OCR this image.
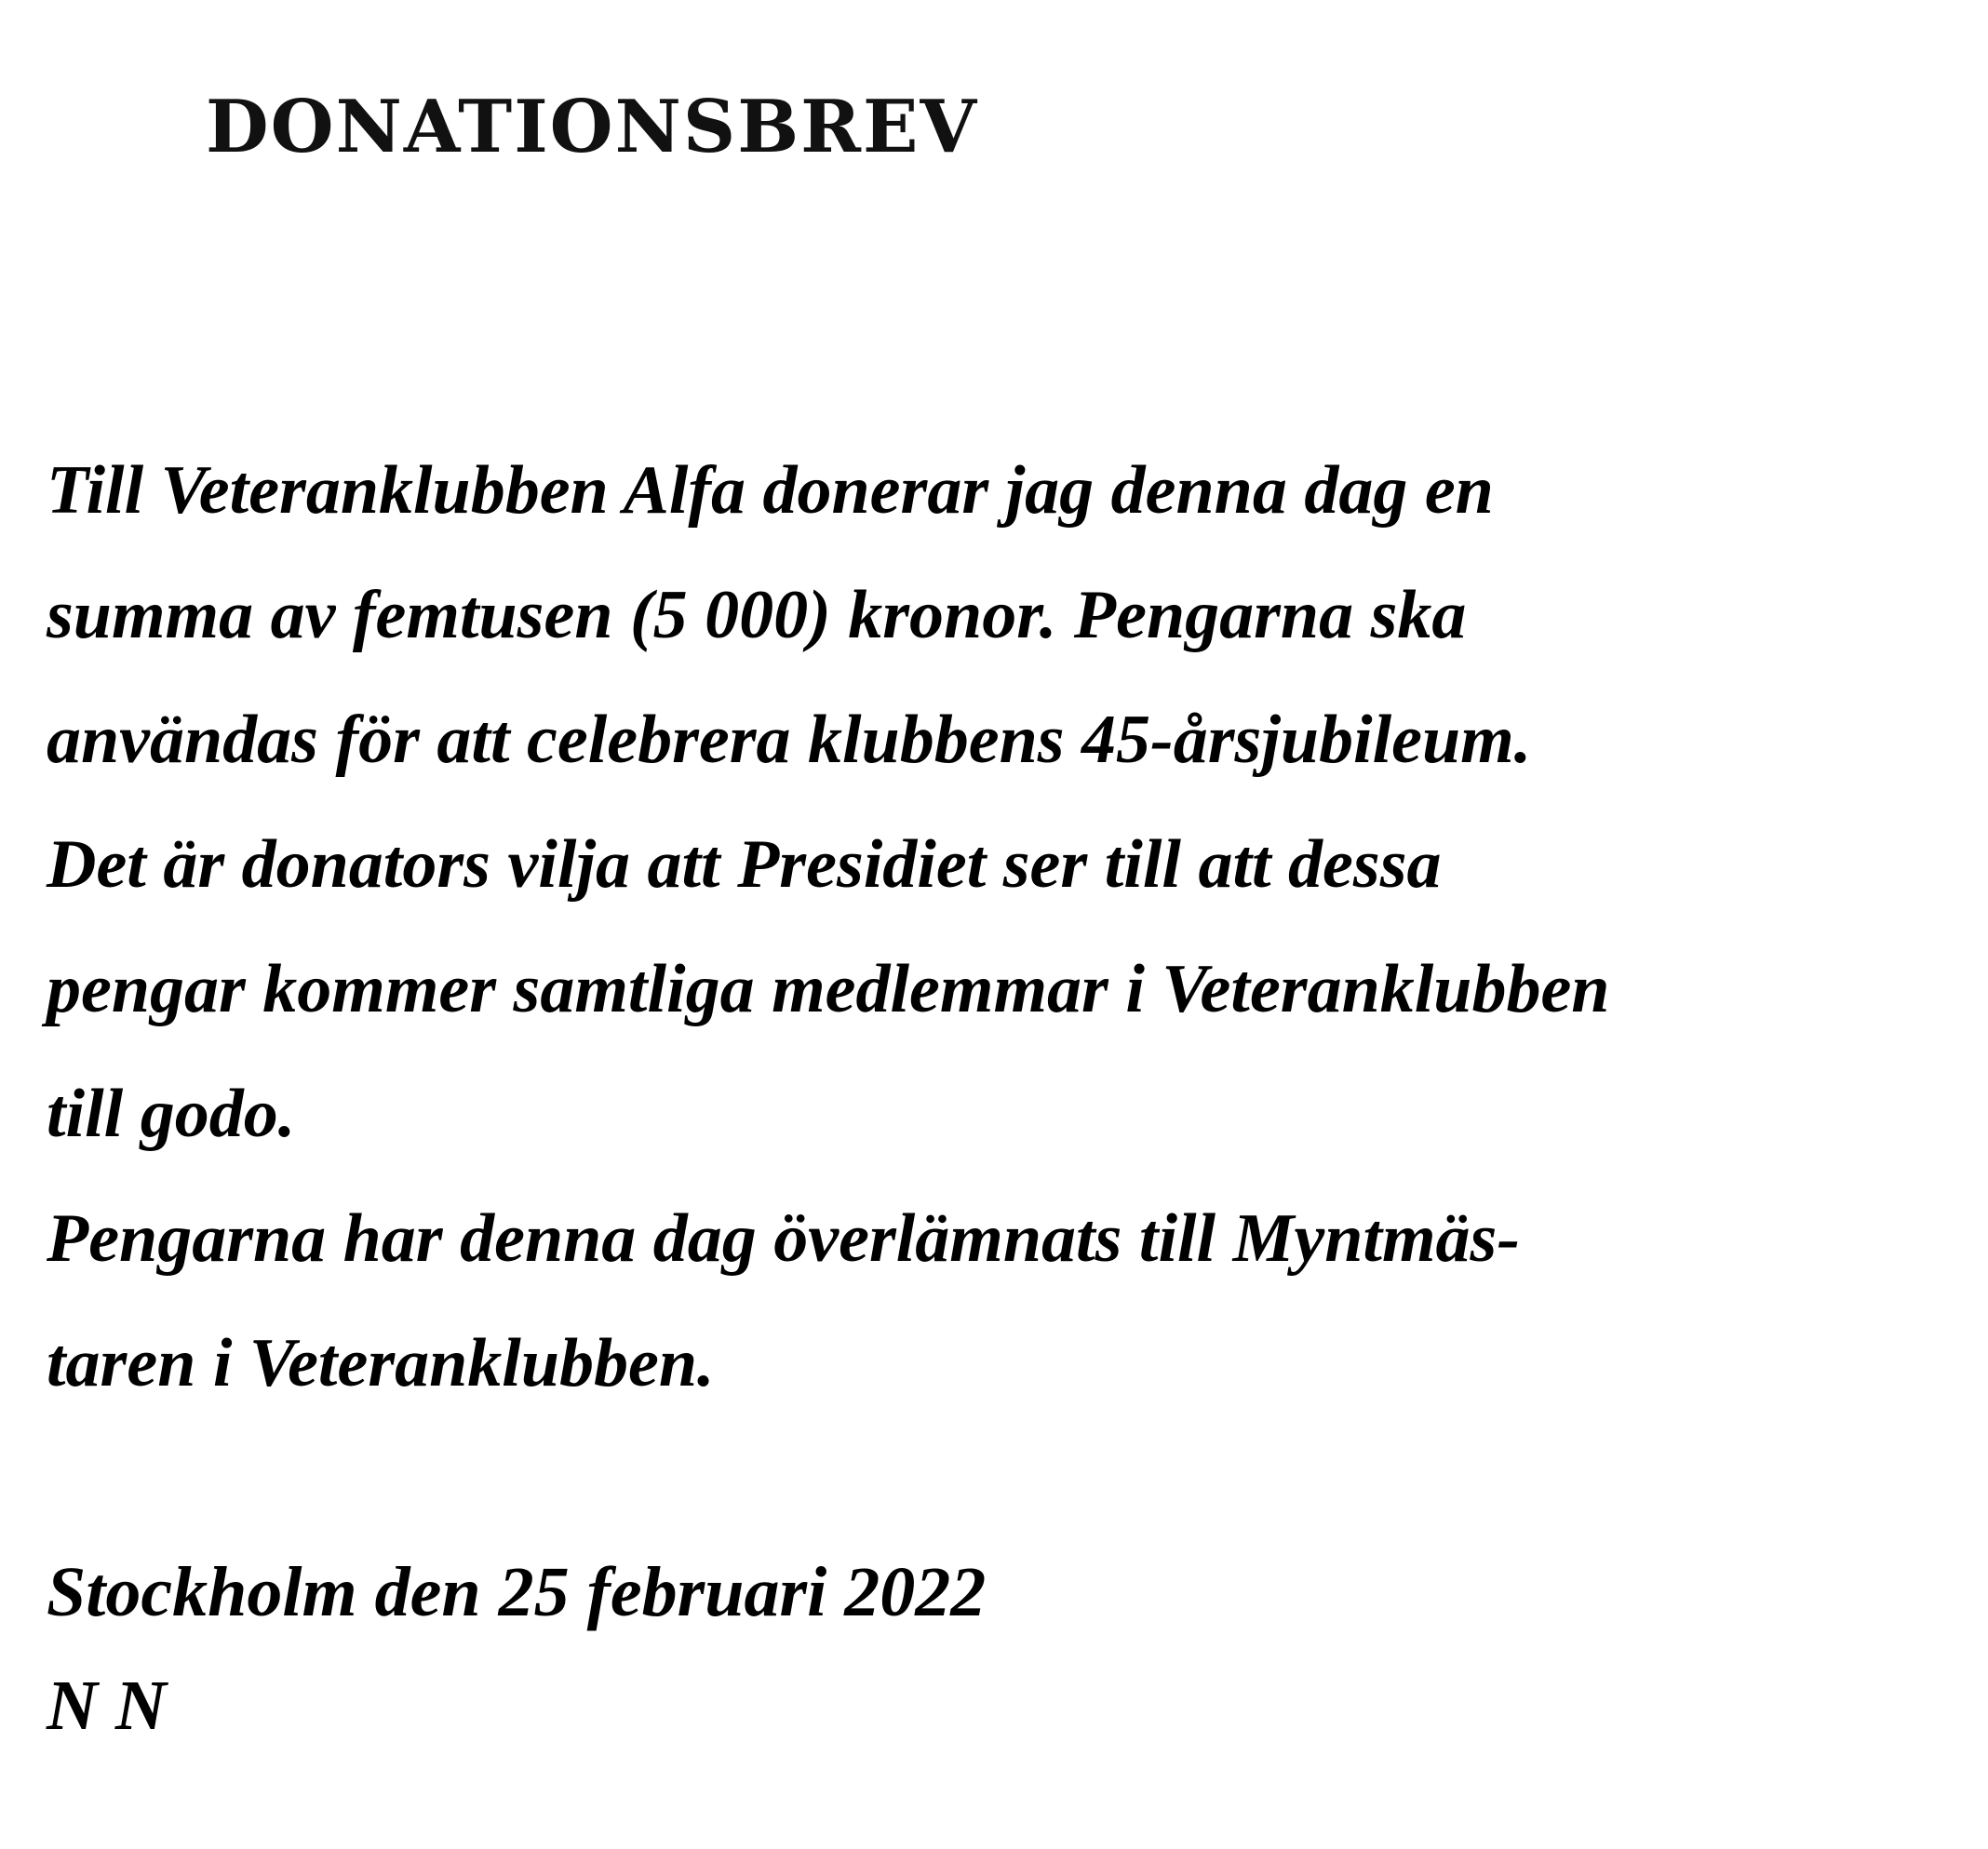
DONATIONSBREV
Till Veteranklubben Alfa donerar jag denna dag en
summa av femtusen (5 000) kronor. Pengarna ska
användas för att celebrera klubbens 45-årsjubileum.
Det är donators vilja att Presidiet ser till att dessa
pengar kommer samtliga medlemmar i Veteranklubben
till godo.
Pengarna har denna dag överlämnats till Myntmäs-
taren i Veteranklubben.
Stockholm den 25 februari 2022
N N
